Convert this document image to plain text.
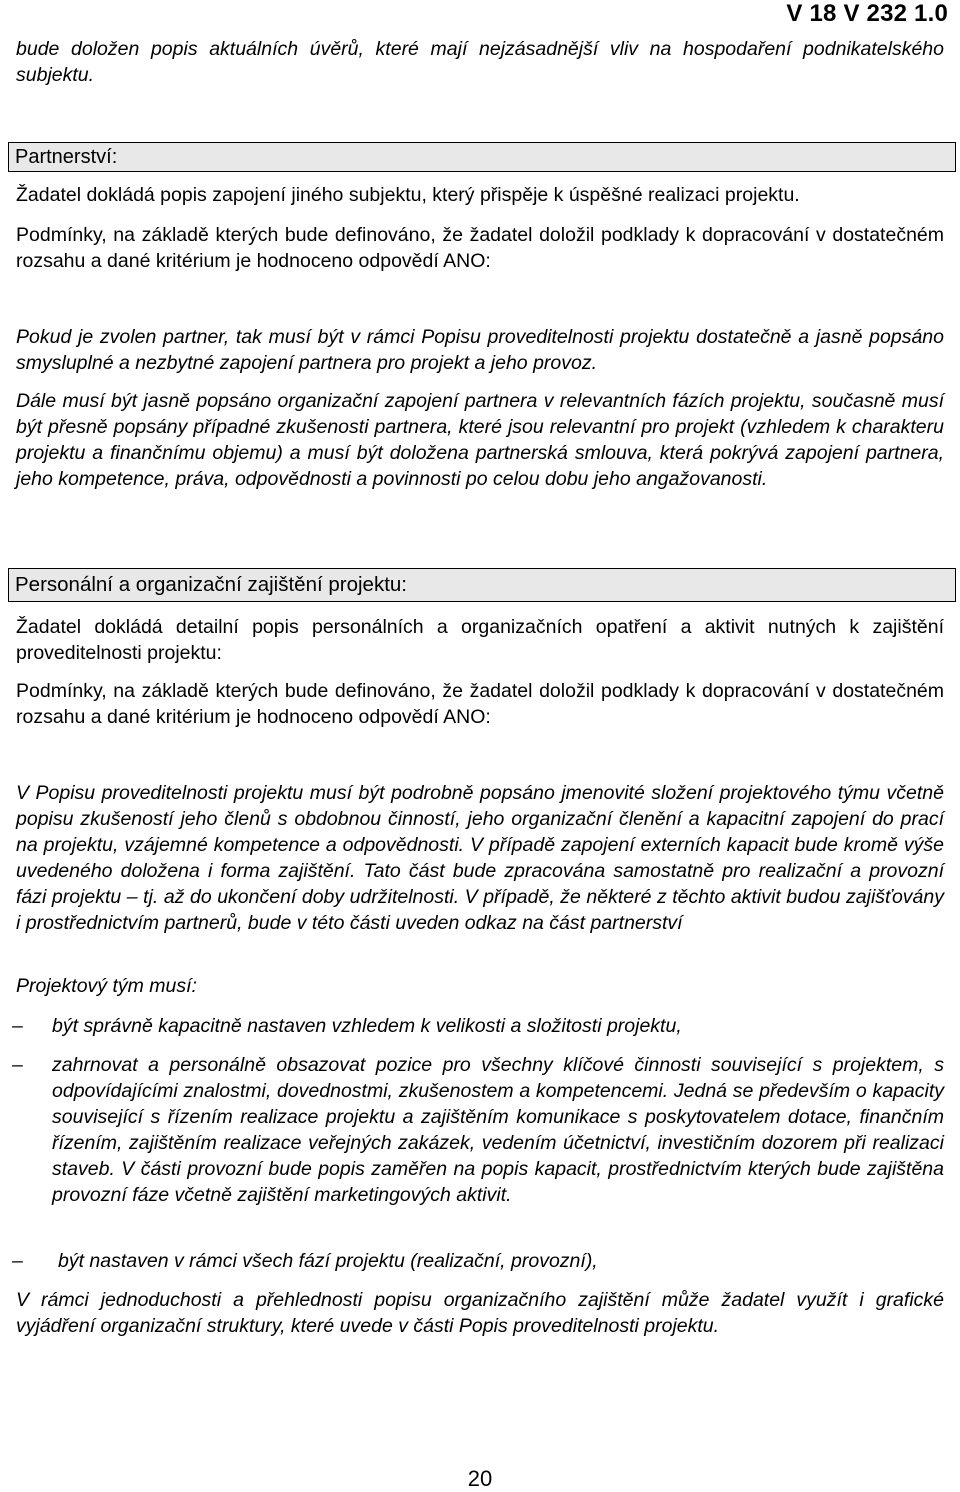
V 18 V 232 1.0
bude doložen popis aktuálních úvěrů, které mají nejzásadnější vliv na hospodaření podnikatelského subjektu.
Partnerství:
Žadatel dokládá popis zapojení jiného subjektu, který přispěje k úspěšné realizaci projektu.
Podmínky, na základě kterých bude definováno, že žadatel doložil podklady k dopracování v dostatečném rozsahu a dané kritérium je hodnoceno odpovědí ANO:
Pokud je zvolen partner, tak musí být v rámci Popisu proveditelnosti projektu dostatečně a jasně popsáno smysluplné a nezbytné zapojení partnera pro projekt a jeho provoz.
Dále musí být jasně popsáno organizační zapojení partnera v relevantních fázích projektu, současně musí být přesně popsány případné zkušenosti partnera, které jsou relevantní pro projekt (vzhledem k charakteru projektu a finančnímu objemu) a musí být doložena partnerská smlouva, která pokrývá zapojení partnera, jeho kompetence, práva, odpovědnosti a povinnosti po celou dobu jeho angažovanosti.
Personální a organizační zajištění projektu:
Žadatel dokládá detailní popis personálních a organizačních opatření a aktivit nutných k zajištění proveditelnosti projektu:
Podmínky, na základě kterých bude definováno, že žadatel doložil podklady k dopracování v dostatečném rozsahu a dané kritérium je hodnoceno odpovědí ANO:
V Popisu proveditelnosti projektu musí být podrobně popsáno jmenovité složení projektového týmu včetně popisu zkušeností jeho členů s obdobnou činností, jeho organizační členění a kapacitní zapojení do prací na projektu, vzájemné kompetence a odpovědnosti. V případě zapojení externích kapacit bude kromě výše uvedeného doložena i forma zajištění. Tato část bude zpracována samostatně pro realizační a provozní fázi projektu – tj. až do ukončení doby udržitelnosti. V případě, že některé z těchto aktivit budou zajišťovány i prostřednictvím partnerů, bude v této části uveden odkaz na část partnerství
Projektový tým musí:
– být správně kapacitně nastaven vzhledem k velikosti a složitosti projektu,
– zahrnovat a personálně obsazovat pozice pro všechny klíčové činnosti související s projektem, s odpovídajícími znalostmi, dovednostmi, zkušenostem a kompetencemi. Jedná se především o kapacity související s řízením realizace projektu a zajištěním komunikace s poskytovatelem dotace, finančním řízením, zajištěním realizace veřejných zakázek, vedením účetnictví, investičním dozorem při realizaci staveb. V části provozní bude popis zaměřen na popis kapacit, prostřednictvím kterých bude zajištěna provozní fáze včetně zajištění marketingových aktivit.
– být nastaven v rámci všech fází projektu (realizační, provozní),
V rámci jednoduchosti a přehlednosti popisu organizačního zajištění může žadatel využít i grafické vyjádření organizační struktury, které uvede v části Popis proveditelnosti projektu.
20
